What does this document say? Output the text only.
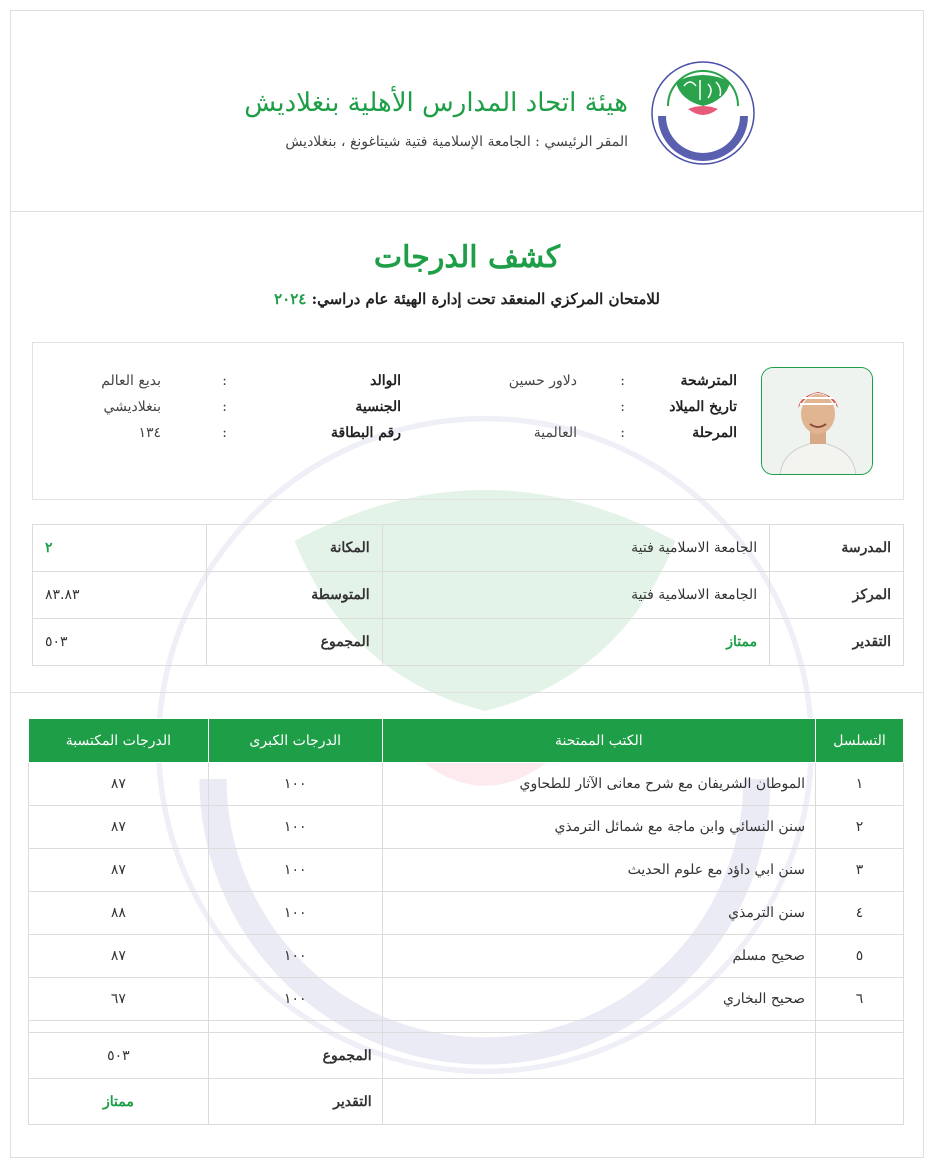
هيئة اتحاد المدارس الأهلية بنغلاديش
المقر الرئيسي : الجامعة الإسلامية فتية شيتاغونغ ، بنغلاديش
كشف الدرجات
للامتحان المركزي المنعقد تحت إدارة الهيئة عام دراسي: ٢٠٢٤
المترشحة
:
دلاور حسين
تاريخ الميلاد
:
المرحلة
:
العالمية
الوالد
:
بديع العالم
الجنسية
:
بنغلاديشي
رقم البطاقة
:
١٣٤
٢	المكانة	الجامعة الاسلامية فتية	المدرسة
٨٣.٨٣	المتوسطة	الجامعة الاسلامية فتية	المركز
٥٠٣	المجموع	ممتاز	التقدير
الدرجات المكتسبة	الدرجات الكبرى	الكتب الممتحنة	التسلسل
٨٧	١٠٠	الموطان الشريفان مع شرح معانى الآثار للطحاوي	١
٨٧	١٠٠	سنن النسائي وابن ماجة مع شمائل الترمذي	٢
٨٧	١٠٠	سنن ابي داؤد مع علوم الحديث	٣
٨٨	١٠٠	سنن الترمذي	٤
٨٧	١٠٠	صحيح مسلم	٥
٦٧	١٠٠	صحيح البخاري	٦

٥٠٣	المجموع		
ممتاز	التقدير		
